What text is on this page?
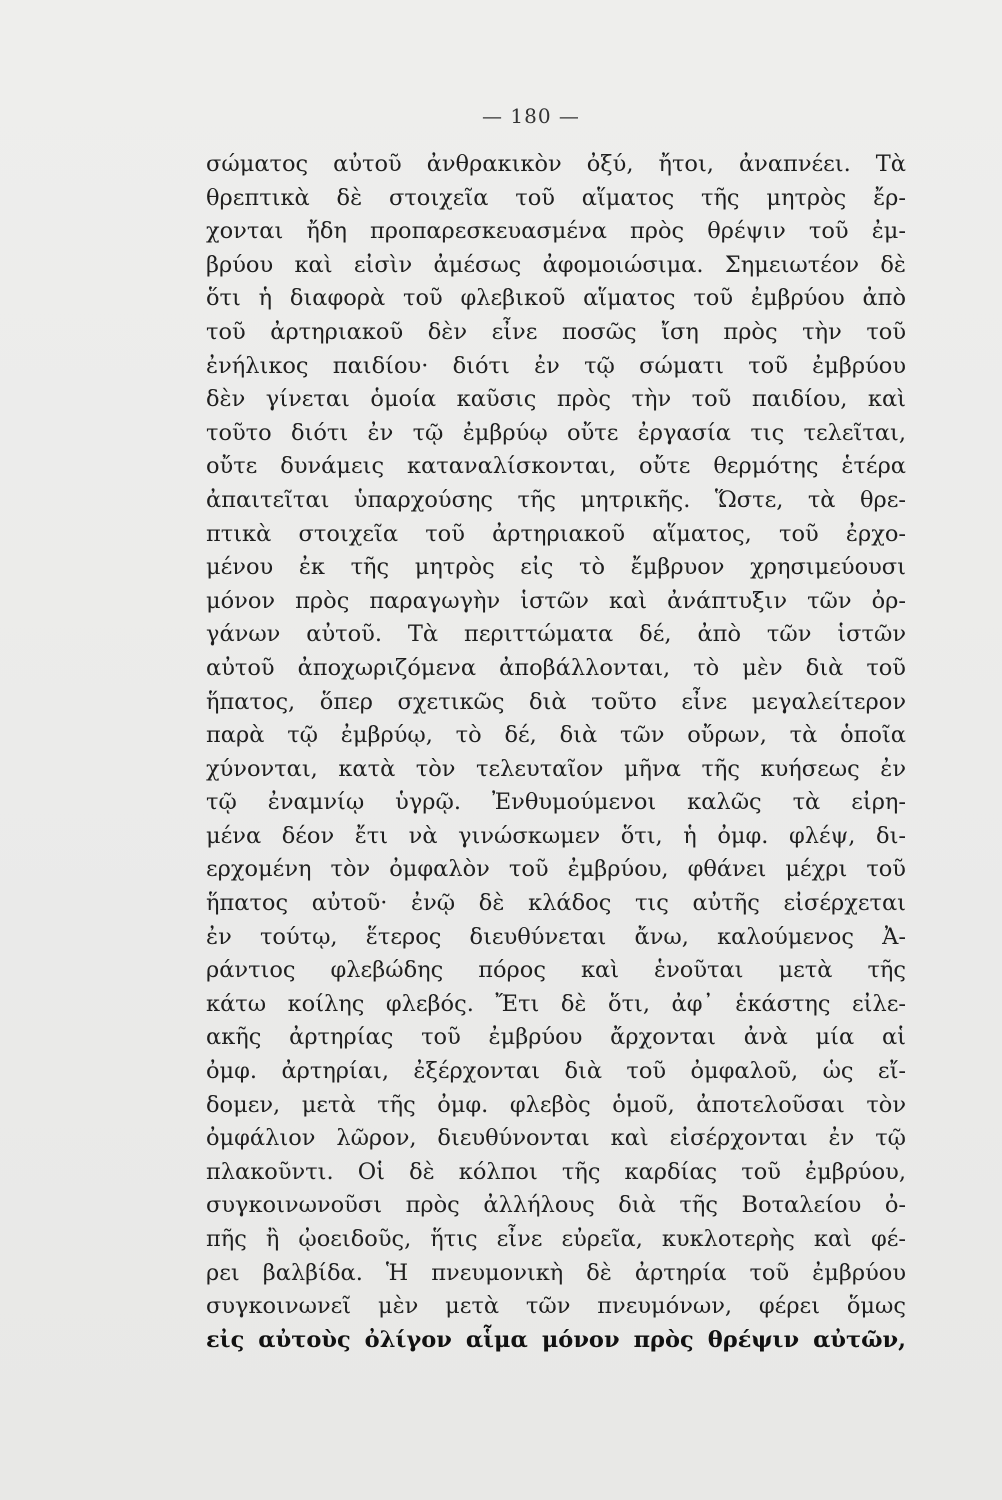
— 180 —
σώματος αὐτοῦ ἀνθρακικὸν ὀξύ, ἤτοι, ἀναπνέει. Τὰ
θρεπτικὰ δὲ στοιχεῖα τοῦ αἵματος τῆς μητρὸς ἔρ-
χονται ἤδη προπαρεσκευασμένα πρὸς θρέψιν τοῦ ἐμ-
βρύου καὶ εἰσὶν ἀμέσως ἀφομοιώσιμα. Σημειωτέον δὲ
ὅτι ἡ διαφορὰ τοῦ φλεβικοῦ αἵματος τοῦ ἐμβρύου ἀπὸ
τοῦ ἀρτηριακοῦ δὲν εἶνε ποσῶς ἴση πρὸς τὴν τοῦ
ἐνήλικος παιδίου· διότι ἐν τῷ σώματι τοῦ ἐμβρύου
δὲν γίνεται ὁμοία καῦσις πρὸς τὴν τοῦ παιδίου, καὶ
τοῦτο διότι ἐν τῷ ἐμβρύῳ οὔτε ἐργασία τις τελεῖται,
οὔτε δυνάμεις καταναλίσκονται, οὔτε θερμότης ἑτέρα
ἀπαιτεῖται ὑπαρχούσης τῆς μητρικῆς. Ὥστε, τὰ θρε-
πτικὰ στοιχεῖα τοῦ ἀρτηριακοῦ αἵματος, τοῦ ἐρχο-
μένου ἐκ τῆς μητρὸς εἰς τὸ ἔμβρυον χρησιμεύουσι
μόνον πρὸς παραγωγὴν ἱστῶν καὶ ἀνάπτυξιν τῶν ὀρ-
γάνων αὐτοῦ. Τὰ περιττώματα δέ, ἀπὸ τῶν ἱστῶν
αὐτοῦ ἀποχωριζόμενα ἀποβάλλονται, τὸ μὲν διὰ τοῦ
ἥπατος, ὅπερ σχετικῶς διὰ τοῦτο εἶνε μεγαλείτερον
παρὰ τῷ ἐμβρύῳ, τὸ δέ, διὰ τῶν οὔρων, τὰ ὁποῖα
χύνονται, κατὰ τὸν τελευταῖον μῆνα τῆς κυήσεως ἐν
τῷ ἐναμνίῳ ὑγρῷ. Ἐνθυμούμενοι καλῶς τὰ εἰρη-
μένα δέον ἔτι νὰ γινώσκωμεν ὅτι, ἡ ὀμφ. φλέψ, δι-
ερχομένη τὸν ὀμφαλὸν τοῦ ἐμβρύου, φθάνει μέχρι τοῦ
ἥπατος αὐτοῦ· ἐνῷ δὲ κλάδος τις αὐτῆς εἰσέρχεται
ἐν τούτῳ, ἕτερος διευθύνεται ἄνω, καλούμενος Ἀ-
ράντιος φλεβώδης πόρος καὶ ἑνοῦται μετὰ τῆς
κάτω κοίλης φλεβός. Ἔτι δὲ ὅτι, ἀφ᾽ ἑκάστης εἰλε-
ακῆς ἀρτηρίας τοῦ ἐμβρύου ἄρχονται ἀνὰ μία αἱ
ὀμφ. ἀρτηρίαι, ἐξέρχονται διὰ τοῦ ὀμφαλοῦ, ὡς εἴ-
δομεν, μετὰ τῆς ὀμφ. φλεβὸς ὁμοῦ, ἀποτελοῦσαι τὸν
ὀμφάλιον λῶρον, διευθύνονται καὶ εἰσέρχονται ἐν τῷ
πλακοῦντι. Οἱ δὲ κόλποι τῆς καρδίας τοῦ ἐμβρύου,
συγκοινωνοῦσι πρὸς ἀλλήλους διὰ τῆς Βοταλείου ὀ-
πῆς ἢ ᾠοειδοῦς, ἥτις εἶνε εὐρεῖα, κυκλοτερὴς καὶ φέ-
ρει βαλβίδα. Ἡ πνευμονικὴ δὲ ἀρτηρία τοῦ ἐμβρύου
συγκοινωνεῖ μὲν μετὰ τῶν πνευμόνων, φέρει ὅμως
εἰς αὐτοὺς ὀλίγον αἷμα μόνον πρὸς θρέψιν αὐτῶν,
